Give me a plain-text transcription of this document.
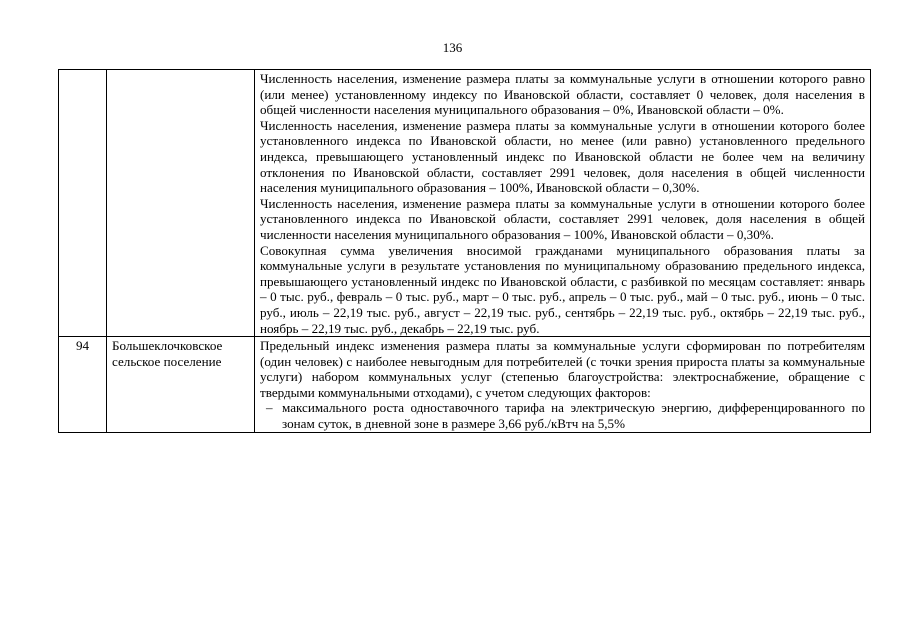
136

		Численность населения, изменение размера платы за коммунальные услуги в отношении которого равно (или менее) установленному индексу по Ивановской области, составляет 0 человек, доля населения в общей численности населения муниципального образования – 0%, Ивановской области – 0%.

Численность населения, изменение размера платы за коммунальные услуги в отношении которого более установленного индекса по Ивановской области, но менее (или равно) установленного предельного индекса, превышающего установленный индекс по Ивановской области не более чем на величину отклонения по Ивановской области, составляет 2991 человек, доля населения в общей численности населения муниципального образования – 100%, Ивановской области – 0,30%.

Численность населения, изменение размера платы за коммунальные услуги в отношении которого более установленного индекса по Ивановской области, составляет 2991 человек, доля населения в общей численности населения муниципального образования – 100%, Ивановской области – 0,30%.

Совокупная сумма увеличения вносимой гражданами муниципального образования платы за коммунальные услуги в результате установления по муниципальному образованию предельного индекса, превышающего установленный индекс по Ивановской области, с разбивкой по месяцам составляет: январь – 0 тыс. руб., февраль – 0 тыс. руб., март – 0 тыс. руб., апрель – 0 тыс. руб., май – 0 тыс. руб., июнь – 0 тыс. руб., июль – 22,19 тыс. руб., август – 22,19 тыс. руб., сентябрь – 22,19 тыс. руб., октябрь – 22,19 тыс. руб., ноябрь – 22,19 тыс. руб., декабрь – 22,19 тыс. руб.

94	Большеклочковское сельское поселение	Предельный индекс изменения размера платы за коммунальные услуги сформирован по потребителям (один человек) с наиболее невыгодным для потребителей (с точки зрения прироста платы за коммунальные услуги) набором коммунальных услуг (степенью благоустройства: электроснабжение, обращение с твердыми коммунальными отходами), с учетом следующих факторов:

– максимального роста одноставочного тарифа на электрическую энергию, дифференцированного по зонам суток, в дневной зоне в размере 3,66 руб./кВтч на 5,5%
